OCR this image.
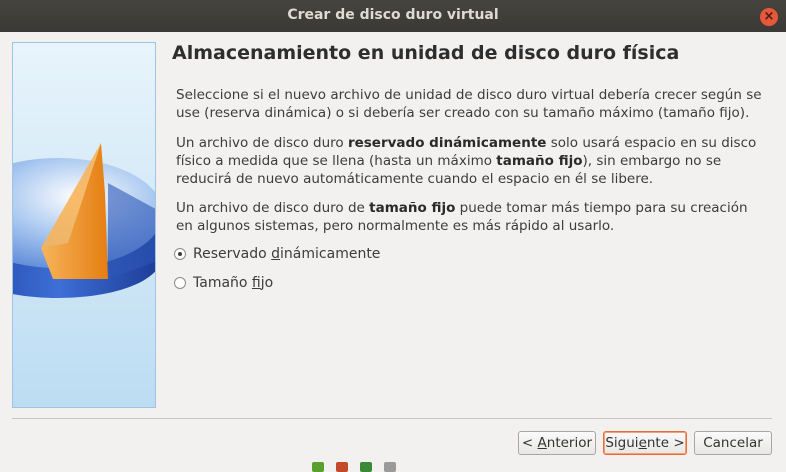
Crear de disco duro virtual	×
Almacenamiento en unidad de disco duro física
Seleccione si el nuevo archivo de unidad de disco duro virtual debería crecer según se use (reserva dinámica) o si debería ser creado con su tamaño máximo (tamaño fijo).
Un archivo de disco duro reservado dinámicamente solo usará espacio en su disco físico a medida que se llena (hasta un máximo tamaño fijo), sin embargo no se reducirá de nuevo automáticamente cuando el espacio en él se libere.
Un archivo de disco duro de tamaño fijo puede tomar más tiempo para su creación en algunos sistemas, pero normalmente es más rápido al usarlo.
Reservado dinámicamente
Tamaño fijo
< Anterior Siguiente >	Cancelar
